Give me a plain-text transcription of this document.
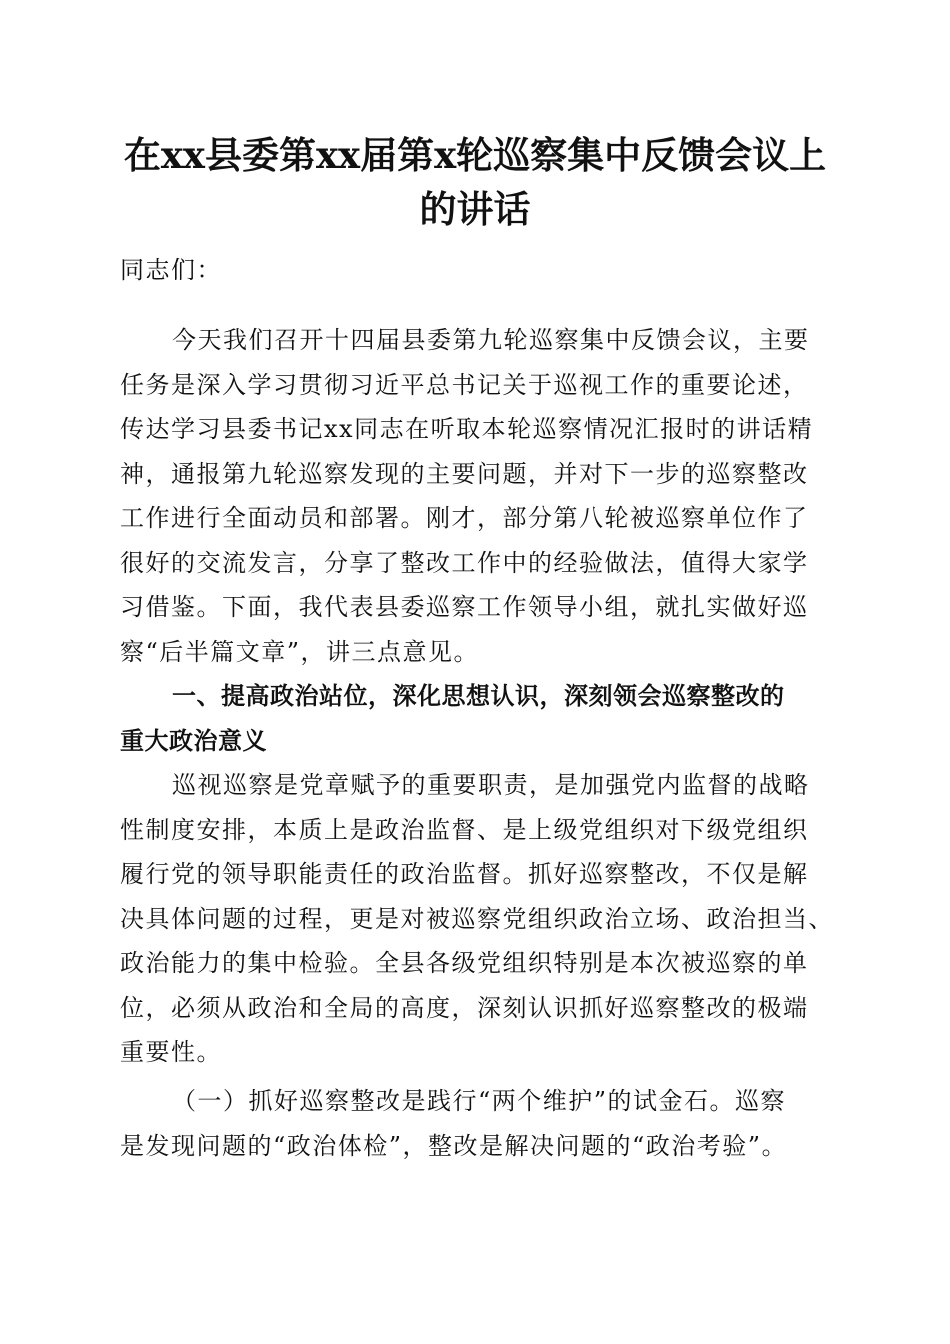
在xx县委第xx届第x轮巡察集中反馈会议上
的讲话
同志们：
今天我们召开十四届县委第九轮巡察集中反馈会议，主要
任务是深入学习贯彻习近平总书记关于巡视工作的重要论述，
传达学习县委书记xx同志在听取本轮巡察情况汇报时的讲话精
神，通报第九轮巡察发现的主要问题，并对下一步的巡察整改
工作进行全面动员和部署。刚才，部分第八轮被巡察单位作了
很好的交流发言，分享了整改工作中的经验做法，值得大家学
习借鉴。下面，我代表县委巡察工作领导小组，就扎实做好巡
察“后半篇文章”，讲三点意见。
一、提高政治站位，深化思想认识，深刻领会巡察整改的
重大政治意义
巡视巡察是党章赋予的重要职责，是加强党内监督的战略
性制度安排，本质上是政治监督、是上级党组织对下级党组织
履行党的领导职能责任的政治监督。抓好巡察整改，不仅是解
决具体问题的过程，更是对被巡察党组织政治立场、政治担当、
政治能力的集中检验。全县各级党组织特别是本次被巡察的单
位，必须从政治和全局的高度，深刻认识抓好巡察整改的极端
重要性。
（一）抓好巡察整改是践行“两个维护”的试金石。巡察
是发现问题的“政治体检”，整改是解决问题的“政治考验”。
